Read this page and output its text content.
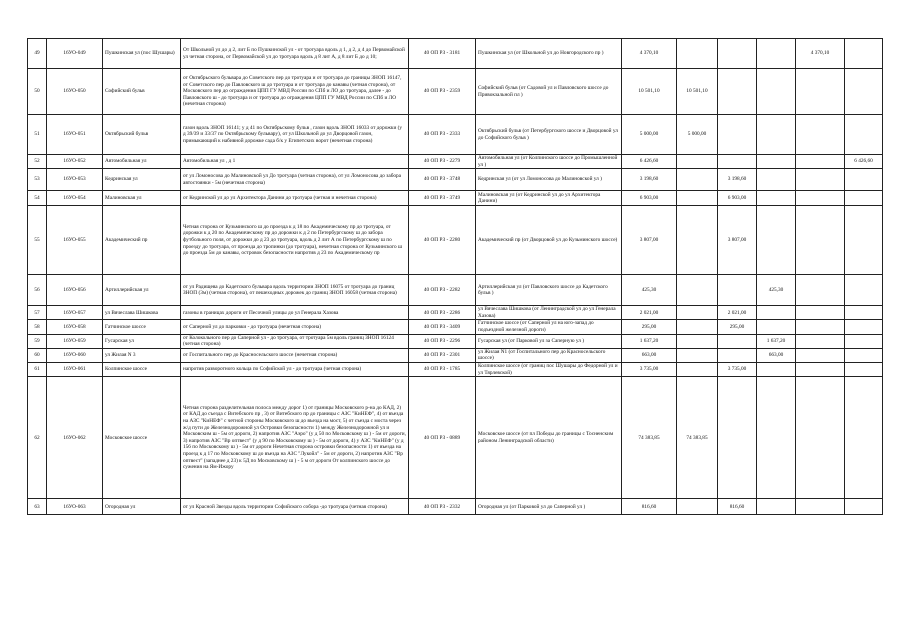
49	16УО-049	Пушкинская ул (пос Шушары)	От Школьной ул до д 2, лит Б по Пушкинской ул - от тротуара вдоль д 1, д 2, д 4 до Первомайской ул четная сторона, от Первомайской ул до тротуара вдоль д 8 лит А, д 8 лит Б до д 10;	40 ОП РЗ - 3181	Пушкинская ул (от Школьной ул до Новгородского пр )	4 370,10				4 370,10	
50	16УО-050	Софийский бульв	от Октябрьского бульвара до Советского пер до тротуара и от тротуара до границы ЗНОП 16147, от Советского пер до Павловского ш до тротуара и от тротуара до канавы (четная сторона), от Московского пер до ограждения ЦПП ГУ МВД России по СПб и ЛО до тротуара, далее - до Павловского ш - до тротуара и от тротуара до ограждения ЦПП ГУ МВД России по СПб и ЛО (нечетная сторона)	40 ОП РЗ - 2359	Софийский бульв (от Садовой ул и Павловского шоссе до Привокзальной пл )	10 501,10	10 501,10				
51	16УО-051	Октябрьский бульв	газон вдоль ЗНОП 16141; у д 41 по Октябрьскому бульв , газон вдоль ЗНОП 16033 от дорожки (у д 39/39 и 33/37 по Октябрьскому бульвару), от ул Школьной до ул Дворцовой газон, примыкающий к набивной дорожке сада б/к у Египетских ворот (нечетная сторона)	40 ОП РЗ - 2333	Октябрьский бульв (от Петербургского шоссе и Дворцовой ул до Софийского бульв )	5 000,00	5 000,00				
52	16УО-052	Автомобильная ул	Автомобильная ул , д 1	40 ОП РЗ - 2279	Автомобильная ул (от Колпинского шоссе до Промышленной ул )	6 426,60					6 426,60
53	16УО-053	Кедринская ул	от ул Ломоносова до Малиновской ул До тротуара (четная сторона), от ул Ломоносова до забора автостоянки - 5м (нечетная сторона)	40 ОП РЗ - 3748	Кедринская ул (от ул Ломоносова до Малиновской ул )	3 198,60		3 198,60			
54	16УО-054	Малиновская ул	от Кедринской ул до ул Архитектора Данини до тротуара (четная и нечетная сторона)	40 ОП РЗ - 3749	Малиновская ул (от Кедринской ул до ул Архитектора Данини)	6 903,00		6 903,00			
55	16УО-055	Академический пр	Четная сторона от Кузьминского ш до проезда к д 18 по Академическому пр до тротуара, от дорожки к д 20 по Академическому пр до дорожки к д 2 по Петербургскому ш до забора футбольного поля, от дорожки до д 23 до тротуара, вдоль д 2 лит А по Петербургскому ш по проезду до тротуара, от проезда до тропинки (до тротуара), нечетная сторона от Кузьминского ш до проезда 5м до канавы, островок безопасности напротив д 23 по Академическому пр	40 ОП РЗ - 2280	Академический пр (от Дворцовой ул до Кузьминского шоссе)	3 807,00		3 807,00			
56	16УО-056	Артиллерийская ул	от ул Радищева до Кадетского бульвара вдоль территории ЗНОП 16075 от тротуара до границ ЗНОП (3м) (четная сторона), от пешеходных дорожек до границ ЗНОП 16058 (четная сторона)	40 ОП РЗ - 2282	Артиллерийская ул (от Павловского шоссе до Кадетского бульв )	425,30			425,30		
57	16УО-057	ул Вячеслава Шишкова	газоны в границах дороги от Песочной улицы до ул Генерала Хазова	40 ОП РЗ - 2286	ул Вячеслава Шишкова (от Ленинградской ул до ул Генерала Хазова)	2 021,00		2 021,00			
58	16УО-058	Гатчинское шоссе	от Саперной ул до парковки - до тротуара (нечетная сторона)	40 ОП РЗ - 3409	Гатчинское шоссе (от Саперной ул на юго-запад до подъездной железной дороги)	295,00		295,00			
59	16УО-059	Гусарская ул	от Колокольного пер до Саперной ул - до тротуара, от тротуара 5м вдоль границ ЗНОП 16124 (четная сторона)	40 ОП РЗ - 2296	Гусарская ул (от Парковой ул за Саперную ул )	1 637,20			1 637,20		
60	16УО-060	ул Жилая N 3	от Госпитального пер до Красносельского шоссе (нечетная сторона)	40 ОП РЗ - 2301	ул Жилая N1 (от Госпитального пер до Красносельского шоссе)	663,00			663,00		
61	16УО-061	Колпинское шоссе	напротив разворотного кольца по Софийской ул - до тротуара (четная сторона)	40 ОП РЗ - 1785	Колпинское шоссе (от границ пос Шушары до Федорной ул и ул Тярлевской)	3 735,00		3 735,00			
62	16УО-062	Московское шоссе	Четная сторона разделительная полоса между дорог 1) от границы Московского р-на до КАД, 2) от КАД до съезда с Витебского пр , 3) от Витебского пр до границы с АЗС "КиНЕФ", 4) от въезда на АЗС "КиНЕФ" с четной стороны Московского ш до въезда на мост, 5) от съезда с моста через ж/д пути до Железнодорожной ул Островки безопасности 1) между Железнодорожной ул и Московским ш - 5м от дороги, 2) напротив АЗС "Аэро" (у д 50 по Московскому ш ) - 5м от дороги, 3) напротив АЗС "Вр оптвест" (у д 90 по Московскому ш ) - 5м от дороги, 4) у АЗС "КиНЕФ" (у д 156 по Московскому ш ) - 5м от дороги Нечетная сторона островки безопасности 1) от въезда на проезд к д 17 по Московскому ш до въезда на АЗС "Лукойл" - 5м от дороги, 2) напротив АЗС "Вр оптвест" (западнее д 23) к 5Д по Московскому ш ) - 5 м от дороги От колпинского шоссе до сужения на Ям-Ижору	40 ОП РЗ - 0889	Московское шоссе (от пл Победы до границы с Тосненским районом Ленинградской области)	74 383,85	74 383,85				
63	16УО-063	Огородная ул	от ул Красной Звезды вдоль территории Софийского собора -до тротуара (четная сторона)	40 ОП РЗ - 2332	Огородная ул (от Парковой ул до Саперной ул )	816,60		816,60			
